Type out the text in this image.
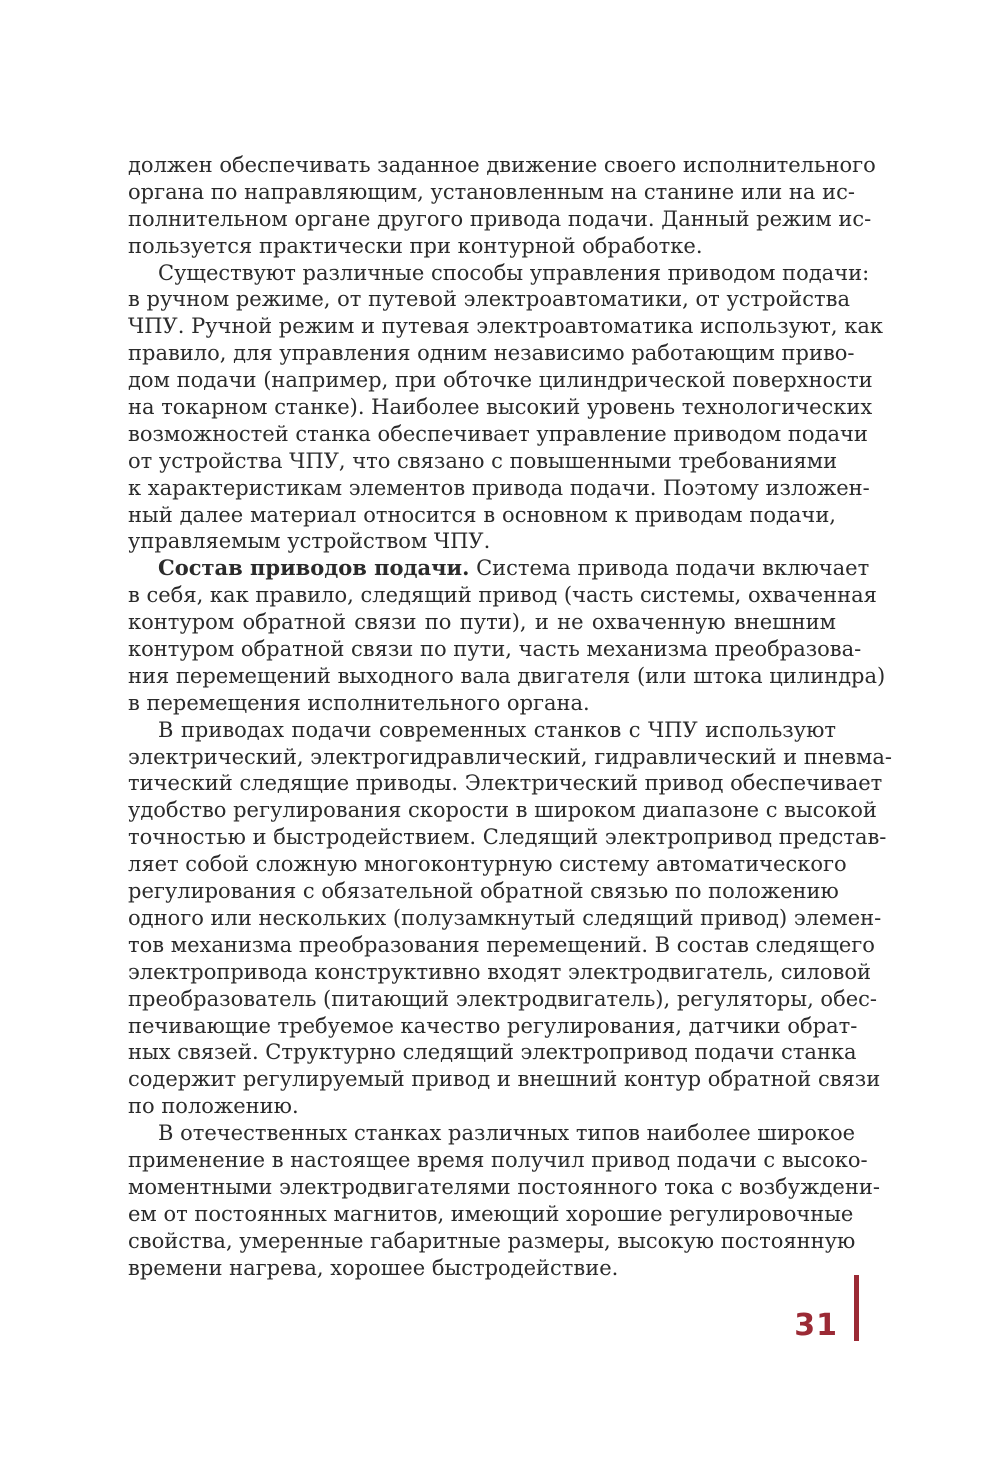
должен обеспечивать заданное движение своего исполнительного
органа по направляющим, установленным на станине или на ис-
полнительном органе другого привода подачи. Данный режим ис-
пользуется практически при контурной обработке.
Существуют различные способы управления приводом подачи:
в ручном режиме, от путевой электроавтоматики, от устройства
ЧПУ. Ручной режим и путевая электроавтоматика используют, как
правило, для управления одним независимо работающим приво-
дом подачи (например, при обточке цилиндрической поверхности
на токарном станке). Наиболее высокий уровень технологических
возможностей станка обеспечивает управление приводом подачи
от устройства ЧПУ, что связано с повышенными требованиями
к характеристикам элементов привода подачи. Поэтому изложен-
ный далее материал относится в основном к приводам подачи,
управляемым устройством ЧПУ.
Состав приводов подачи. Система привода подачи включает
в себя, как правило, следящий привод (часть системы, охваченная
контуром обратной связи по пути), и не охваченную внешним
контуром обратной связи по пути, часть механизма преобразова-
ния перемещений выходного вала двигателя (или штока цилиндра)
в перемещения исполнительного органа.
В приводах подачи современных станков с ЧПУ используют
электрический, электрогидравлический, гидравлический и пневма-
тический следящие приводы. Электрический привод обеспечивает
удобство регулирования скорости в широком диапазоне с высокой
точностью и быстродействием. Следящий электропривод представ-
ляет собой сложную многоконтурную систему автоматического
регулирования с обязательной обратной связью по положению
одного или нескольких (полузамкнутый следящий привод) элемен-
тов механизма преобразования перемещений. В состав следящего
электропривода конструктивно входят электродвигатель, силовой
преобразователь (питающий электродвигатель), регуляторы, обес-
печивающие требуемое качество регулирования, датчики обрат-
ных связей. Структурно следящий электропривод подачи станка
содержит регулируемый привод и внешний контур обратной связи
по положению.
В отечественных станках различных типов наиболее широкое
применение в настоящее время получил привод подачи с высоко-
моментными электродвигателями постоянного тока с возбуждени-
ем от постоянных магнитов, имеющий хорошие регулировочные
свойства, умеренные габаритные размеры, высокую постоянную
времени нагрева, хорошее быстродействие.
31
